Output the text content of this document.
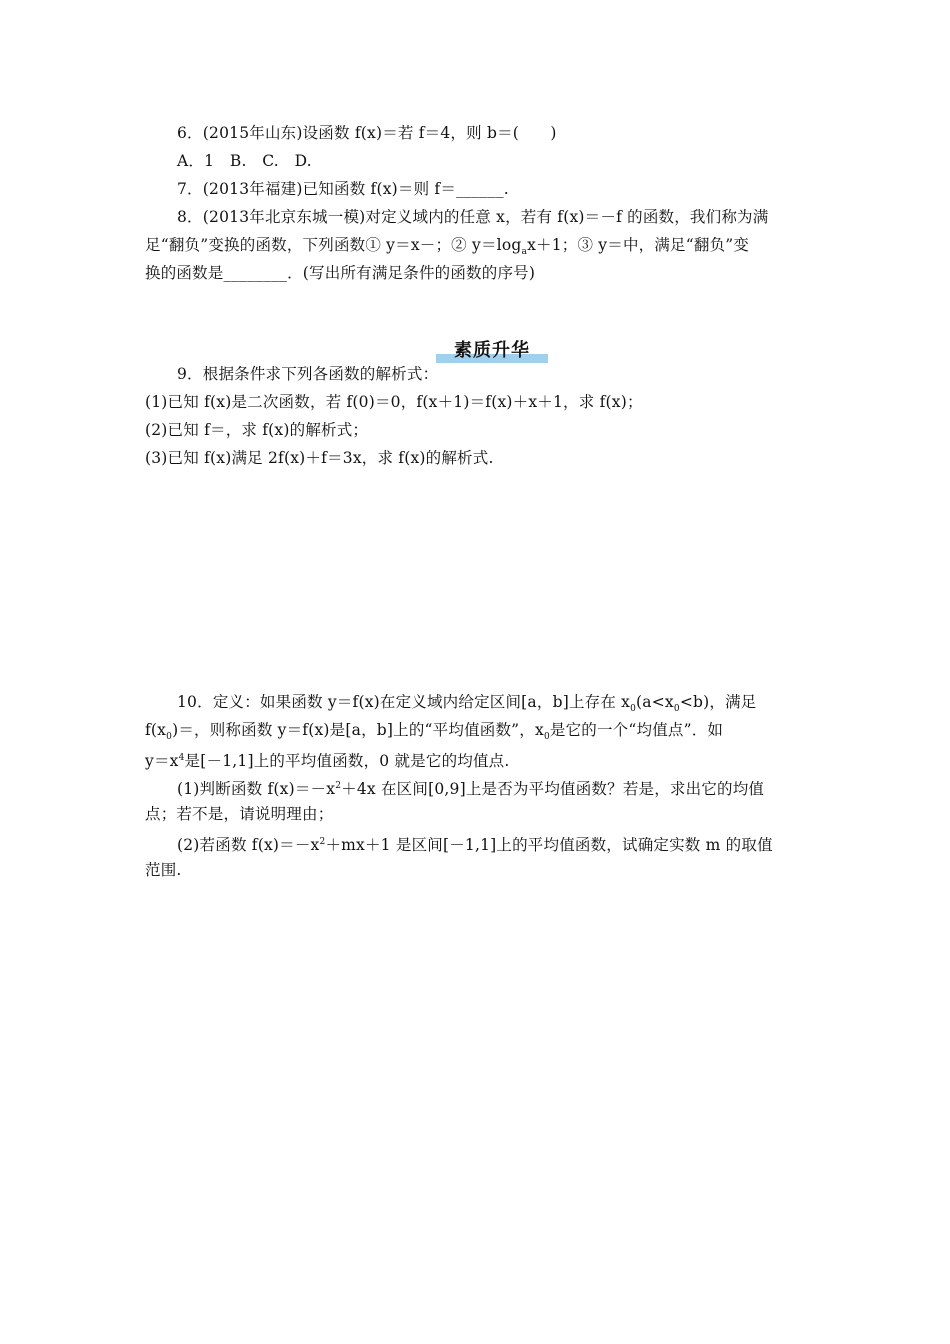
6．(2015年山东)设函数 f(x)＝若 f＝4，则 b＝(　　)
A．1　B.　C.　D.
7．(2013年福建)已知函数 f(x)＝则 f＝______.
8．(2013年北京东城一模)对定义域内的任意 x，若有 f(x)＝－f 的函数，我们称为满
足“翻负”变换的函数，下列函数① y＝x－；② $y=\log_ax+1$；③ y＝中，满足“翻负”变
换的函数是________．(写出所有满足条件的函数的序号)
素质升华
9．根据条件求下列各函数的解析式：
(1)已知 f(x)是二次函数，若 f(0)＝0，f(x＋1)＝f(x)＋x＋1，求 f(x)；
(2)已知 f＝，求 f(x)的解析式；
(3)已知 f(x)满足 2f(x)＋f＝3x，求 f(x)的解析式.
10．定义：如果函数 y＝f(x)在定义域内给定区间[a，b]上存在 $x_0(a<x_0<b)$，满足
$f(x_0)=$，则称函数 y＝f(x)是[a，b]上的“平均值函数”，$x_0$是它的一个“均值点”．如
$y=x^4$是[－1,1]上的平均值函数，0 就是它的均值点.
(1)判断函数 $f(x)=-x^2+4x$ 在区间[0,9]上是否为平均值函数？若是，求出它的均值
点；若不是，请说明理由；
(2)若函数 $f(x)=-x^2+mx+1$ 是区间[－1,1]上的平均值函数，试确定实数 m 的取值
范围.
